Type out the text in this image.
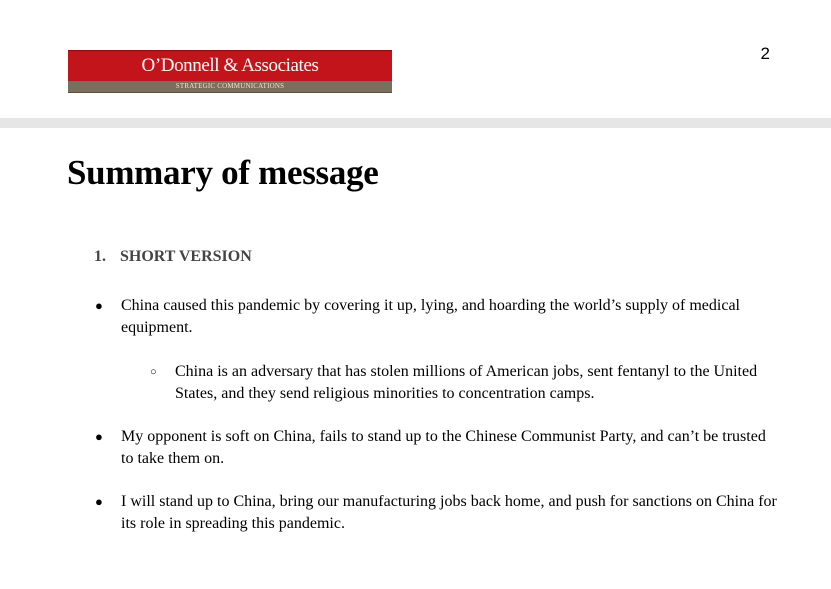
O’Donnell & Associates
STRATEGIC COMMUNICATIONS
2
Summary of message
1. SHORT VERSION
● China caused this pandemic by covering it up, lying, and hoarding the world’s supply of medical equipment.
○ China is an adversary that has stolen millions of American jobs, sent fentanyl to the United States, and they send religious minorities to concentration camps.
● My opponent is soft on China, fails to stand up to the Chinese Communist Party, and can’t be trusted to take them on.
● I will stand up to China, bring our manufacturing jobs back home, and push for sanctions on China for its role in spreading this pandemic.
